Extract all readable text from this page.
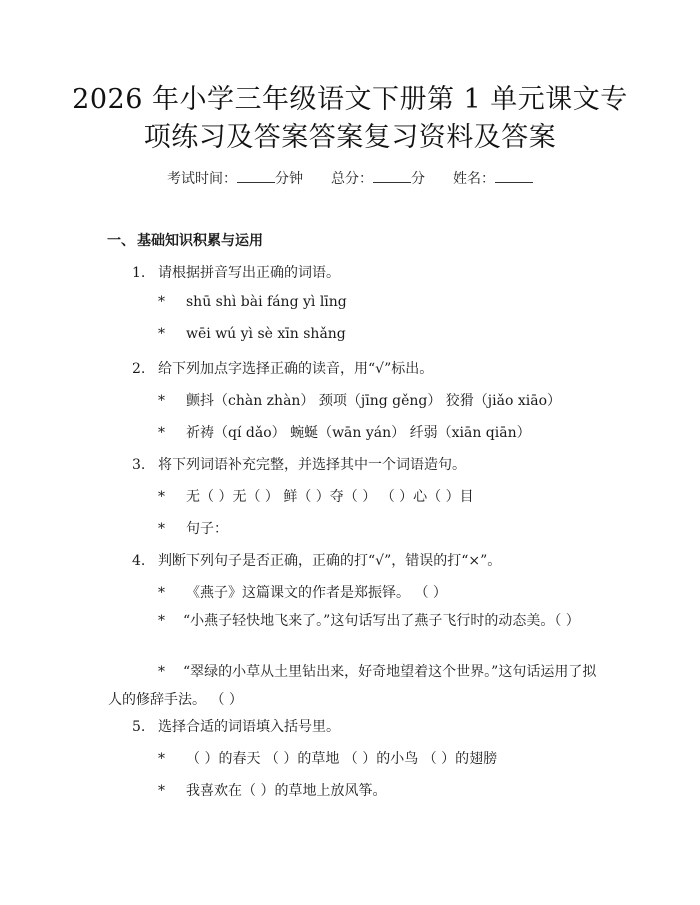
2026 年小学三年级语文下册第 1 单元课文专
项练习及答案答案复习资料及答案
考试时间：	分钟 总分：	分 姓名：
一、 基础知识积累与运用
1. 请根据拼音写出正确的词语。
* shū shì bài fáng yì līng
* wēi wú yì sè xīn shǎng
2. 给下列加点字选择正确的读音，用“√”标出。
* 颤抖（chàn zhàn） 颈项（jīng gěng） 狡猾（jiǎo xiāo）
* 祈祷（qí dǎo） 蜿蜒（wān yán） 纤弱（xiān qiān）
3. 将下列词语补充完整，并选择其中一个词语造句。
* 无（ ）无（ ） 鲜（ ）夺（ ） （ ）心（ ）目
* 句子：
4. 判断下列句子是否正确，正确的打“√”，错误的打“×”。
* 《燕子》这篇课文的作者是郑振铎。 （ ）
* “小燕子轻快地飞来了。”这句话写出了燕子飞行时的动态美。（ ）
* “翠绿的小草从土里钻出来，好奇地望着这个世界。”这句话运用了拟人的修辞手法。 （ ）
5. 选择合适的词语填入括号里。
* （ ）的春天 （ ）的草地 （ ）的小鸟 （ ）的翅膀
* 我喜欢在（ ）的草地上放风筝。
